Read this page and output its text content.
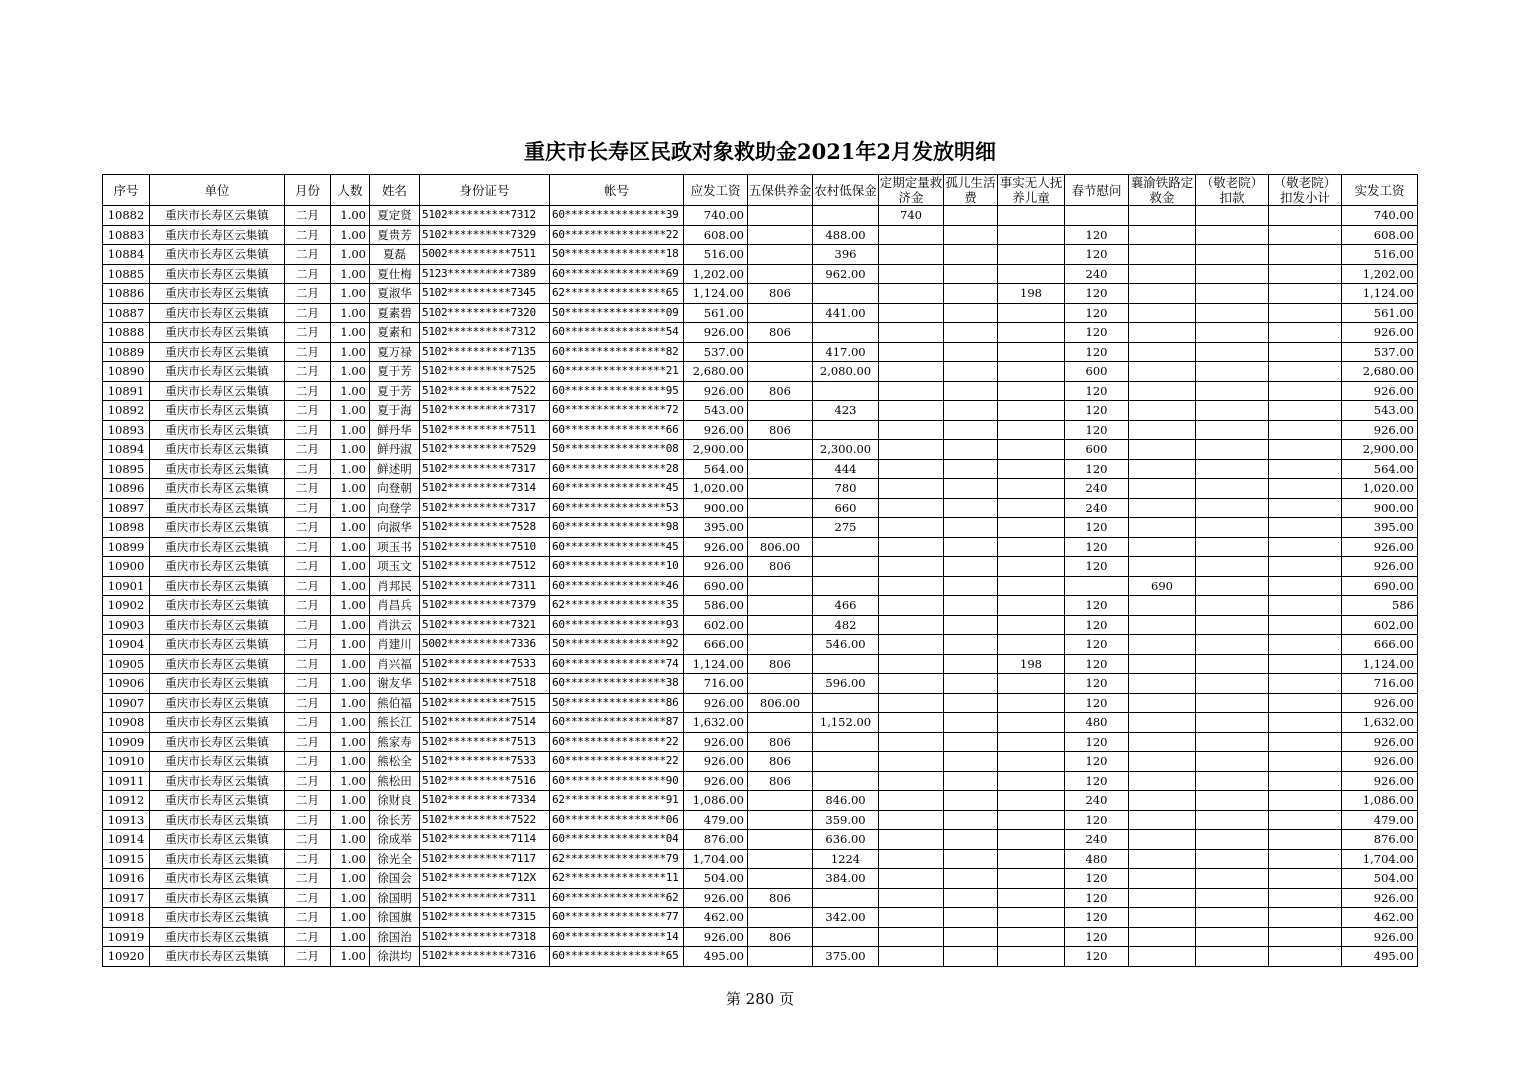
重庆市长寿区民政对象救助金2021年2月发放明细
序号	单位	月份	人数	姓名	身份证号	帐号	应发工资	五保供养金	农村低保金	定期定量救济金	孤儿生活费	事实无人抚养儿童	春节慰问	襄渝铁路定救金	（敬老院）扣款	（敬老院）扣发小计	实发工资
10882	重庆市长寿区云集镇	二月	1.00	夏定贤	5102**********7312	60****************39	740.00			740							740.00
10883	重庆市长寿区云集镇	二月	1.00	夏贵芳	5102**********7329	60****************22	608.00		488.00				120				608.00
10884	重庆市长寿区云集镇	二月	1.00	夏磊	5002**********7511	50****************18	516.00		396				120				516.00
10885	重庆市长寿区云集镇	二月	1.00	夏仕梅	5123**********7389	60****************69	1,202.00		962.00				240				1,202.00
10886	重庆市长寿区云集镇	二月	1.00	夏淑华	5102**********7345	62****************65	1,124.00	806				198	120				1,124.00
10887	重庆市长寿区云集镇	二月	1.00	夏素碧	5102**********7320	50****************09	561.00		441.00				120				561.00
10888	重庆市长寿区云集镇	二月	1.00	夏素和	5102**********7312	60****************54	926.00	806					120				926.00
10889	重庆市长寿区云集镇	二月	1.00	夏万禄	5102**********7135	60****************82	537.00		417.00				120				537.00
10890	重庆市长寿区云集镇	二月	1.00	夏于芳	5102**********7525	60****************21	2,680.00		2,080.00				600				2,680.00
10891	重庆市长寿区云集镇	二月	1.00	夏于芳	5102**********7522	60****************95	926.00	806					120				926.00
10892	重庆市长寿区云集镇	二月	1.00	夏于海	5102**********7317	60****************72	543.00		423				120				543.00
10893	重庆市长寿区云集镇	二月	1.00	鲜丹华	5102**********7511	60****************66	926.00	806					120				926.00
10894	重庆市长寿区云集镇	二月	1.00	鲜丹淑	5102**********7529	50****************08	2,900.00		2,300.00				600				2,900.00
10895	重庆市长寿区云集镇	二月	1.00	鲜述明	5102**********7317	60****************28	564.00		444				120				564.00
10896	重庆市长寿区云集镇	二月	1.00	向登朝	5102**********7314	60****************45	1,020.00		780				240				1,020.00
10897	重庆市长寿区云集镇	二月	1.00	向登学	5102**********7317	60****************53	900.00		660				240				900.00
10898	重庆市长寿区云集镇	二月	1.00	向淑华	5102**********7528	60****************98	395.00		275				120				395.00
10899	重庆市长寿区云集镇	二月	1.00	项玉书	5102**********7510	60****************45	926.00	806.00					120				926.00
10900	重庆市长寿区云集镇	二月	1.00	项玉文	5102**********7512	60****************10	926.00	806					120				926.00
10901	重庆市长寿区云集镇	二月	1.00	肖邦民	5102**********7311	60****************46	690.00							690			690.00
10902	重庆市长寿区云集镇	二月	1.00	肖昌兵	5102**********7379	62****************35	586.00		466				120				586
10903	重庆市长寿区云集镇	二月	1.00	肖洪云	5102**********7321	60****************93	602.00		482				120				602.00
10904	重庆市长寿区云集镇	二月	1.00	肖建川	5002**********7336	50****************92	666.00		546.00				120				666.00
10905	重庆市长寿区云集镇	二月	1.00	肖兴福	5102**********7533	60****************74	1,124.00	806				198	120				1,124.00
10906	重庆市长寿区云集镇	二月	1.00	谢友华	5102**********7518	60****************38	716.00		596.00				120				716.00
10907	重庆市长寿区云集镇	二月	1.00	熊伯福	5102**********7515	50****************86	926.00	806.00					120				926.00
10908	重庆市长寿区云集镇	二月	1.00	熊长江	5102**********7514	60****************87	1,632.00		1,152.00				480				1,632.00
10909	重庆市长寿区云集镇	二月	1.00	熊家寿	5102**********7513	60****************22	926.00	806					120				926.00
10910	重庆市长寿区云集镇	二月	1.00	熊松全	5102**********7533	60****************22	926.00	806					120				926.00
10911	重庆市长寿区云集镇	二月	1.00	熊松田	5102**********7516	60****************90	926.00	806					120				926.00
10912	重庆市长寿区云集镇	二月	1.00	徐财良	5102**********7334	62****************91	1,086.00		846.00				240				1,086.00
10913	重庆市长寿区云集镇	二月	1.00	徐长芳	5102**********7522	60****************06	479.00		359.00				120				479.00
10914	重庆市长寿区云集镇	二月	1.00	徐成举	5102**********7114	60****************04	876.00		636.00				240				876.00
10915	重庆市长寿区云集镇	二月	1.00	徐光全	5102**********7117	62****************79	1,704.00		1224				480				1,704.00
10916	重庆市长寿区云集镇	二月	1.00	徐国会	5102**********712X	62****************11	504.00		384.00				120				504.00
10917	重庆市长寿区云集镇	二月	1.00	徐国明	5102**********7311	60****************62	926.00	806					120				926.00
10918	重庆市长寿区云集镇	二月	1.00	徐国旗	5102**********7315	60****************77	462.00		342.00				120				462.00
10919	重庆市长寿区云集镇	二月	1.00	徐国治	5102**********7318	60****************14	926.00	806					120				926.00
10920	重庆市长寿区云集镇	二月	1.00	徐洪均	5102**********7316	60****************65	495.00		375.00				120				495.00
第 280 页
